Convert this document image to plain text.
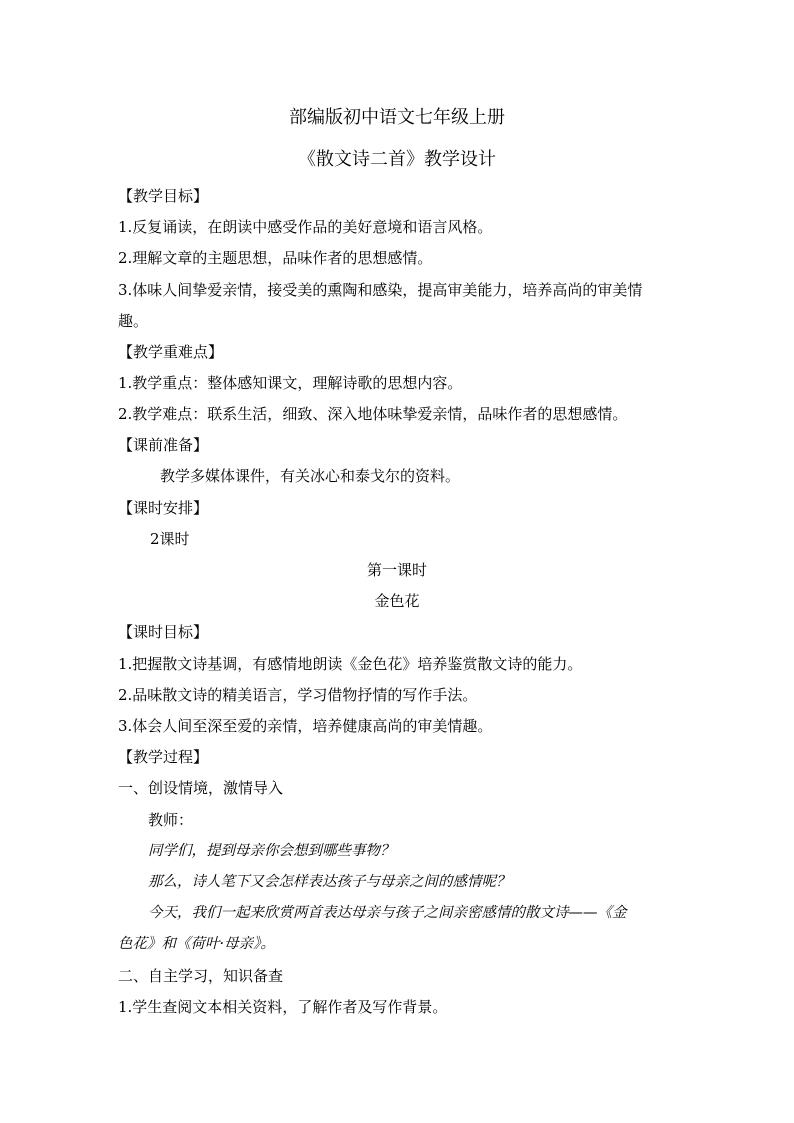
部编版初中语文七年级上册
《散文诗二首》教学设计
【教学目标】
1.反复诵读，在朗读中感受作品的美好意境和语言风格。
2.理解文章的主题思想，品味作者的思想感情。
3.体味人间挚爱亲情，接受美的熏陶和感染，提高审美能力，培养高尚的审美情
趣。
【教学重难点】
1.教学重点：整体感知课文，理解诗歌的思想内容。
2.教学难点：联系生活，细致、深入地体味挚爱亲情，品味作者的思想感情。
【课前准备】
教学多媒体课件，有关冰心和泰戈尔的资料。
【课时安排】
2课时
第一课时
金色花
【课时目标】
1.把握散文诗基调，有感情地朗读《金色花》培养鉴赏散文诗的能力。
2.品味散文诗的精美语言，学习借物抒情的写作手法。
3.体会人间至深至爱的亲情，培养健康高尚的审美情趣。
【教学过程】
一、创设情境，激情导入
教师：
同学们，提到母亲你会想到哪些事物？
那么，诗人笔下又会怎样表达孩子与母亲之间的感情呢？
今天，我们一起来欣赏两首表达母亲与孩子之间亲密感情的散文诗——《金
色花》和《荷叶·母亲》。
二、自主学习，知识备查
1.学生查阅文本相关资料，了解作者及写作背景。
